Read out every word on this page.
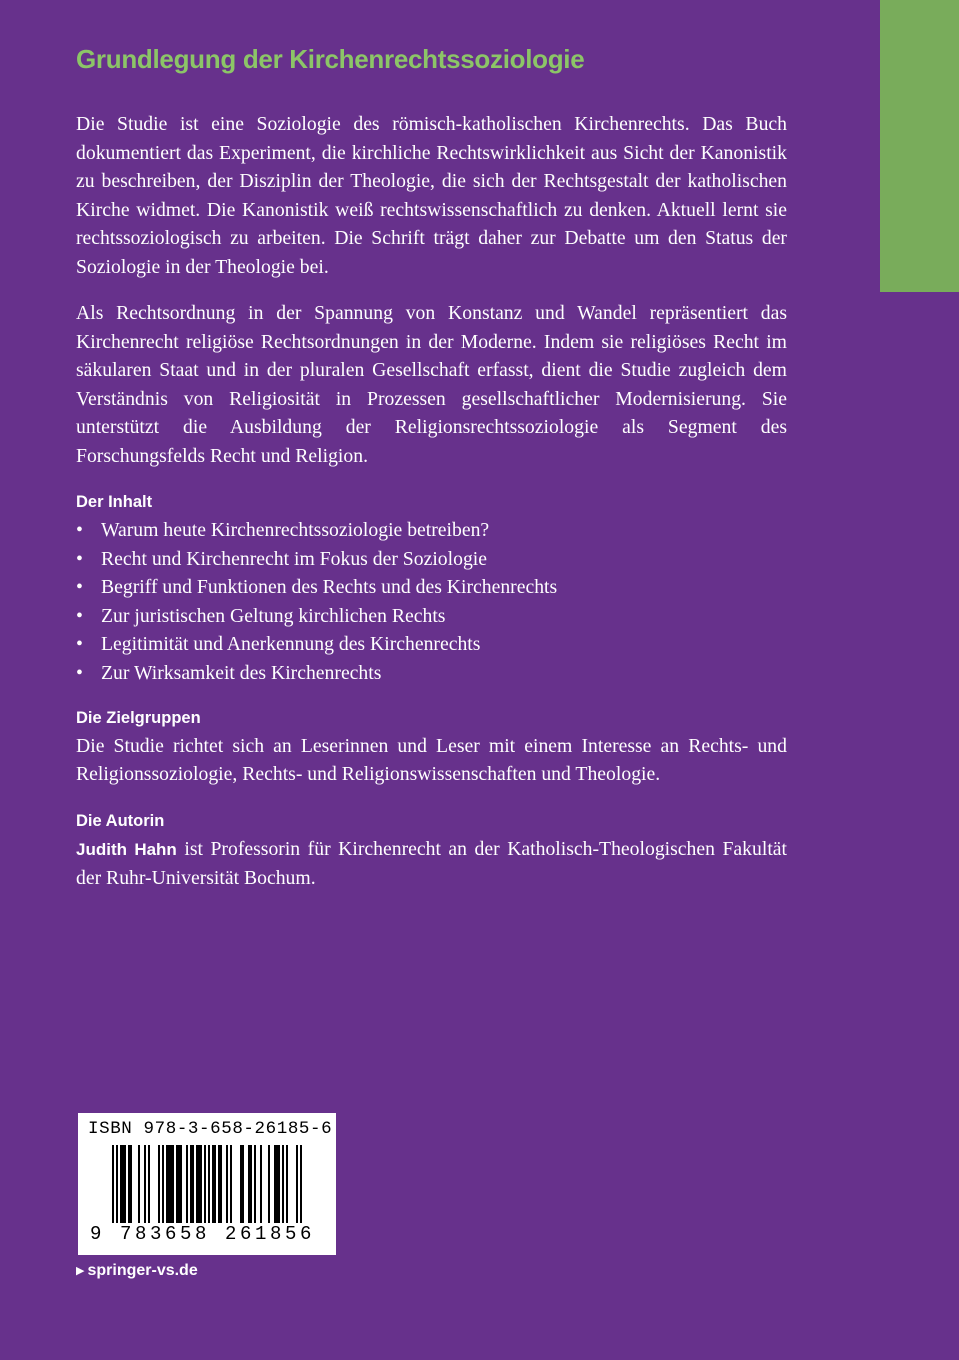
Grundlegung der Kirchenrechtssoziologie

Die Studie ist eine Soziologie des römisch-katholischen Kirchenrechts. Das Buch dokumentiert das Experiment, die kirchliche Rechtswirklichkeit aus Sicht der Kanonistik zu beschreiben, der Disziplin der Theologie, die sich der Rechtsgestalt der katholischen Kirche widmet. Die Kanonistik weiß rechtswissenschaftlich zu denken. Aktuell lernt sie rechtssoziologisch zu arbeiten. Die Schrift trägt daher zur Debatte um den Status der Soziologie in der Theologie bei.

Als Rechtsordnung in der Spannung von Konstanz und Wandel repräsentiert das Kirchenrecht religiöse Rechtsordnungen in der Moderne. Indem sie religiöses Recht im säkularen Staat und in der pluralen Gesellschaft erfasst, dient die Studie zugleich dem Verständnis von Religiosität in Prozessen gesellschaftlicher Modernisierung. Sie unterstützt die Ausbildung der Religionsrechtssoziologie als Segment des Forschungsfelds Recht und Religion.

Der Inhalt
• Warum heute Kirchenrechtssoziologie betreiben?
• Recht und Kirchenrecht im Fokus der Soziologie
• Begriff und Funktionen des Rechts und des Kirchenrechts
• Zur juristischen Geltung kirchlichen Rechts
• Legitimität und Anerkennung des Kirchenrechts
• Zur Wirksamkeit des Kirchenrechts
Die Zielgruppen

Die Studie richtet sich an Leserinnen und Leser mit einem Interesse an Rechts- und Religionssoziologie, Rechts- und Religionswissenschaften und Theologie.

Die Autorin

Judith Hahn ist Professorin für Kirchenrecht an der Katholisch-Theologischen Fakultät der Ruhr-Universität Bochum.

ISBN 978-3-658-26185-6
9 783658 261856
▶ springer-vs.de
